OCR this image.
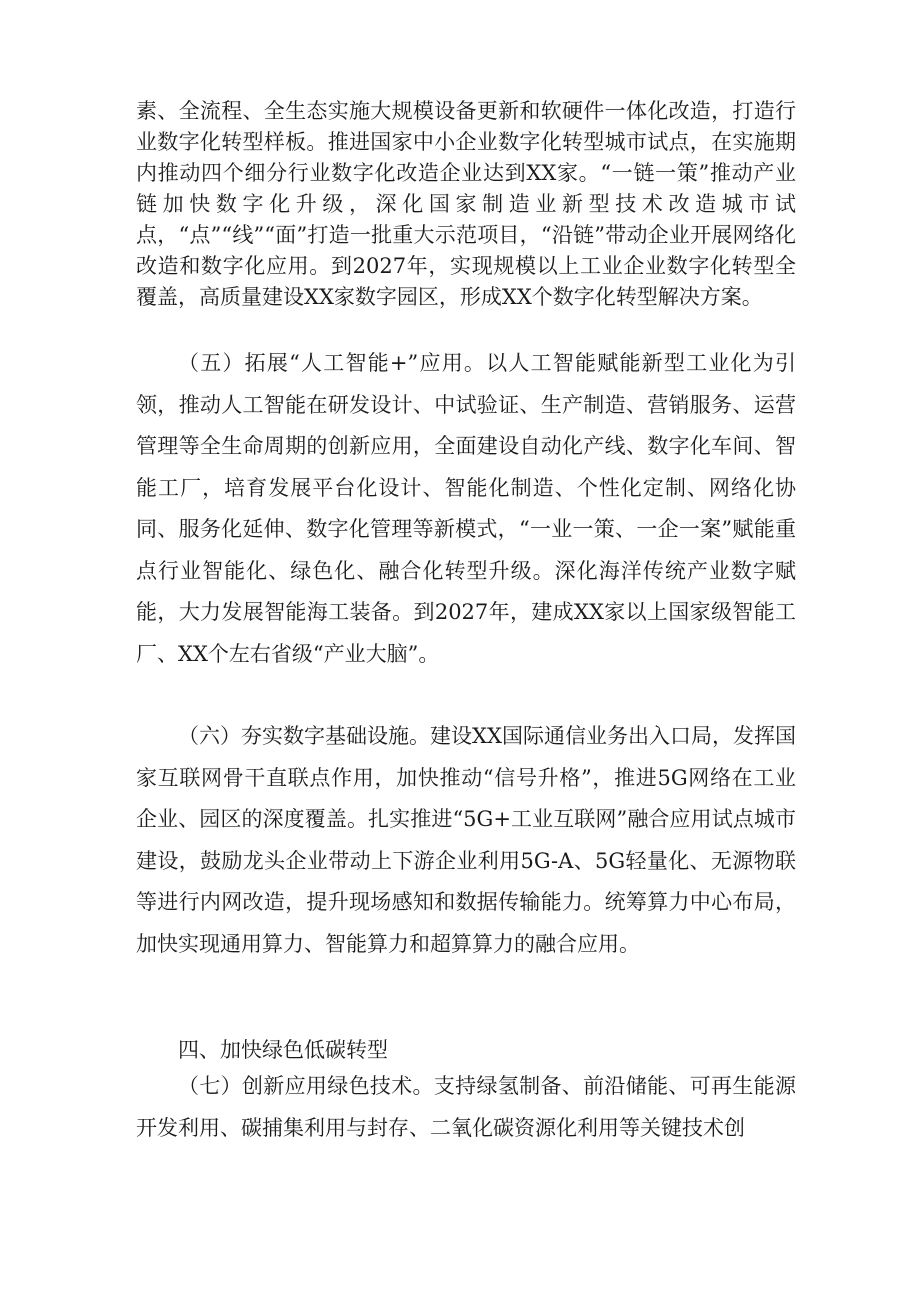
素、全流程、全生态实施大规模设备更新和软硬件一体化改造，打造行业数字化转型样板。推进国家中小企业数字化转型城市试点，在实施期内推动四个细分行业数字化改造企业达到XX家。“一链一策”推动产业链加快数字化升级，深化国家制造业新型技术改造城市试点，“点”“线”“面”打造一批重大示范项目，“沿链”带动企业开展网络化改造和数字化应用。到2027年，实现规模以上工业企业数字化转型全覆盖，高质量建设XX家数字园区，形成XX个数字化转型解决方案。

（五）拓展“人工智能+”应用。以人工智能赋能新型工业化为引领，推动人工智能在研发设计、中试验证、生产制造、营销服务、运营管理等全生命周期的创新应用，全面建设自动化产线、数字化车间、智能工厂，培育发展平台化设计、智能化制造、个性化定制、网络化协同、服务化延伸、数字化管理等新模式，“一业一策、一企一案”赋能重点行业智能化、绿色化、融合化转型升级。深化海洋传统产业数字赋能，大力发展智能海工装备。到2027年，建成XX家以上国家级智能工厂、XX个左右省级“产业大脑”。

（六）夯实数字基础设施。建设XX国际通信业务出入口局，发挥国家互联网骨干直联点作用，加快推动“信号升格”，推进5G网络在工业企业、园区的深度覆盖。扎实推进“5G+工业互联网”融合应用试点城市建设，鼓励龙头企业带动上下游企业利用5G-A、5G轻量化、无源物联等进行内网改造，提升现场感知和数据传输能力。统筹算力中心布局，加快实现通用算力、智能算力和超算算力的融合应用。

四、加快绿色低碳转型

（七）创新应用绿色技术。支持绿氢制备、前沿储能、可再生能源开发利用、碳捕集利用与封存、二氧化碳资源化利用等关键技术创
